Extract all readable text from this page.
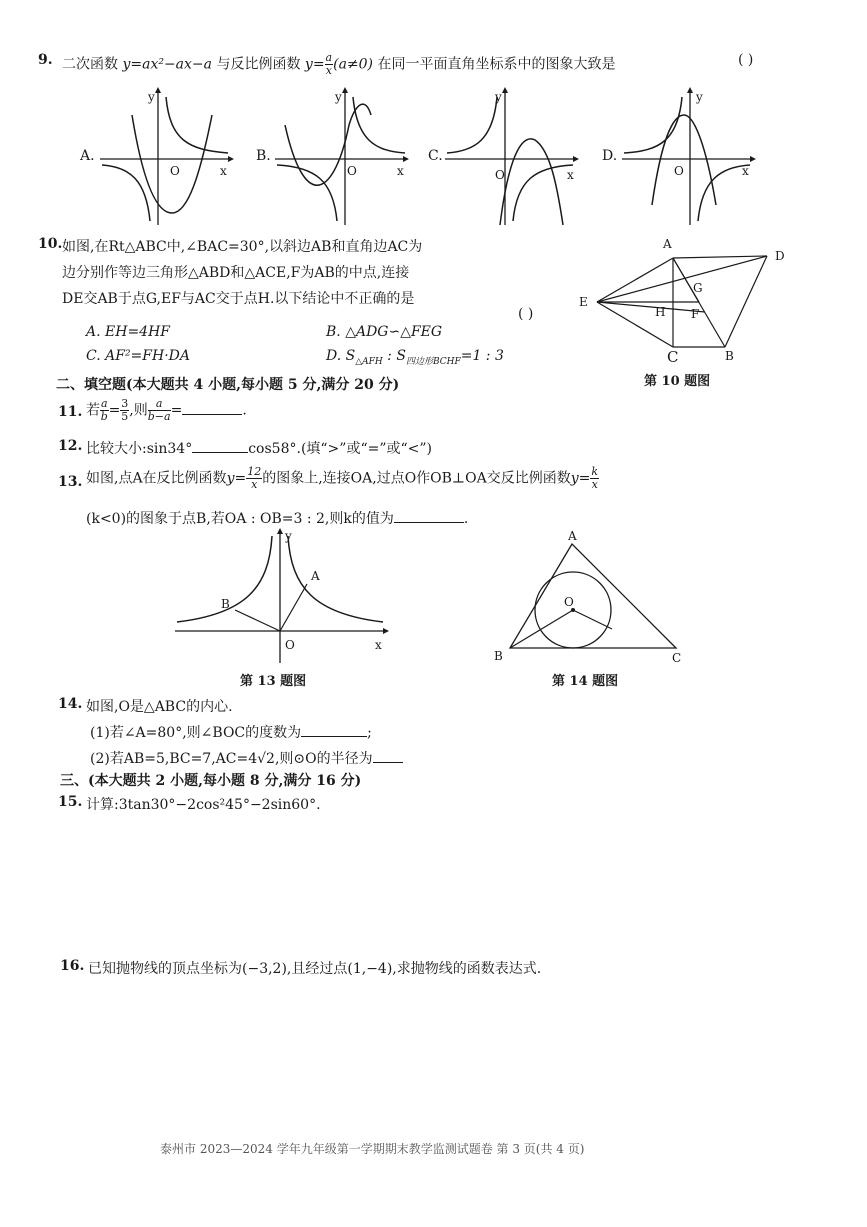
9. 二次函数 y=ax²−ax−a 与反比例函数 $y= \frac{a}{x} (a\ne 0)$ 在同一平面直角坐标系中的图象大致是	( )
A.
y
O	x
B.
y
O	x
C.
y
O	x
D.
y
O	x
10. 如图,在Rt△ABC中,∠BAC=30°,以斜边AB和直角边AC为
边分别作等边三角形△ABD和△ACE,F为AB的中点,连接
DE交AB于点G,EF与AC交于点H.以下结论中不正确的是
( )
A. EH=4HF	B. △ADG∽△FEG
C. AF²=FH·DA	D. $S_{\triangle AFH}$ : $S_{四边形BCHF}=1$ : 3
A
D
E
G
H F
C	B
第 10 题图
二、填空题(本大题共 4 小题,每小题 5 分,满分 20 分)
11. 若 $\frac{a}{b} = \frac{3}{5}$ ,则 $\frac{a}{b-a}$ =	.
12. 比较大小:sin34°	cos58°.(填“>”或“=”或“<”)
13. 如图,点A在反比例函数$y= \frac{12}{x}$ 的图象上,连接OA,过点O作OB⊥OA交反比例函数$y= \frac{k}{x}$
(k<0)的图象于点B,若OA : OB=3 : 2,则k的值为	.
y
A
B
O	x
第 13 题图
A
O
B	C
第 14 题图
14. 如图,O是△ABC的内心.
(1)若∠A=80°,则∠BOC的度数为	;
(2)若AB=5,BC=7,AC=4√2,则⊙O的半径为
三、(本大题共 2 小题,每小题 8 分,满分 16 分)
15. 计算:3tan30°−2cos²45°−2sin60°.
16. 已知抛物线的顶点坐标为(−3,2),且经过点(1,−4),求抛物线的函数表达式.
泰州市 2023—2024 学年九年级第一学期期末教学监测试题卷 第 3 页(共 4 页)
